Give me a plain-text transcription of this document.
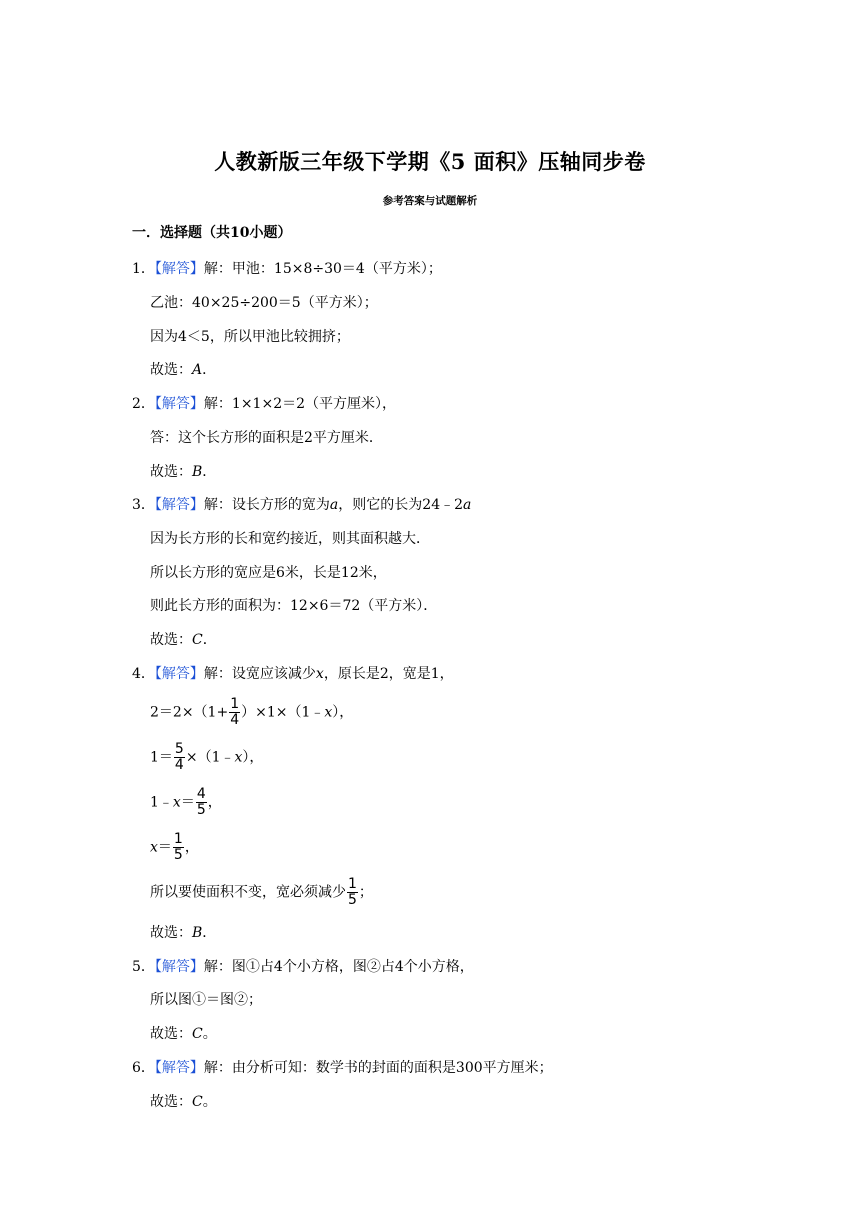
人教新版三年级下学期《5 面积》压轴同步卷
参考答案与试题解析
一．选择题（共10小题）
1．【解答】解：甲池：15×8÷30＝4（平方米）；
乙池：40×25÷200＝5（平方米）；
因为4＜5，所以甲池比较拥挤；
故选：A．
2．【解答】解：1×1×2＝2（平方厘米），
答：这个长方形的面积是2平方厘米．
故选：B．
3．【解答】解：设长方形的宽为a，则它的长为24﹣2a
因为长方形的长和宽约接近，则其面积越大．
所以长方形的宽应是6米，长是12米，
则此长方形的面积为：12×6＝72（平方米）．
故选：C．
4．【解答】解：设宽应该减少x，原长是2，宽是1，
$2=2\times(1+ \frac{1}{4}$ ）×1×（1﹣x），
$1= \frac{5}{4}$ ×（1﹣x），
1﹣x＝ $\frac{4}{5}$ ，
$x= \frac{1}{5}$ ，
所以要使面积不变，宽必须减少 $\frac{1}{5}$ ；
故选：B．
5．【解答】解：图①占4个小方格，图②占4个小方格，
所以图①＝图②；
故选：C。
6．【解答】解：由分析可知：数学书的封面的面积是300平方厘米；
故选：C。
